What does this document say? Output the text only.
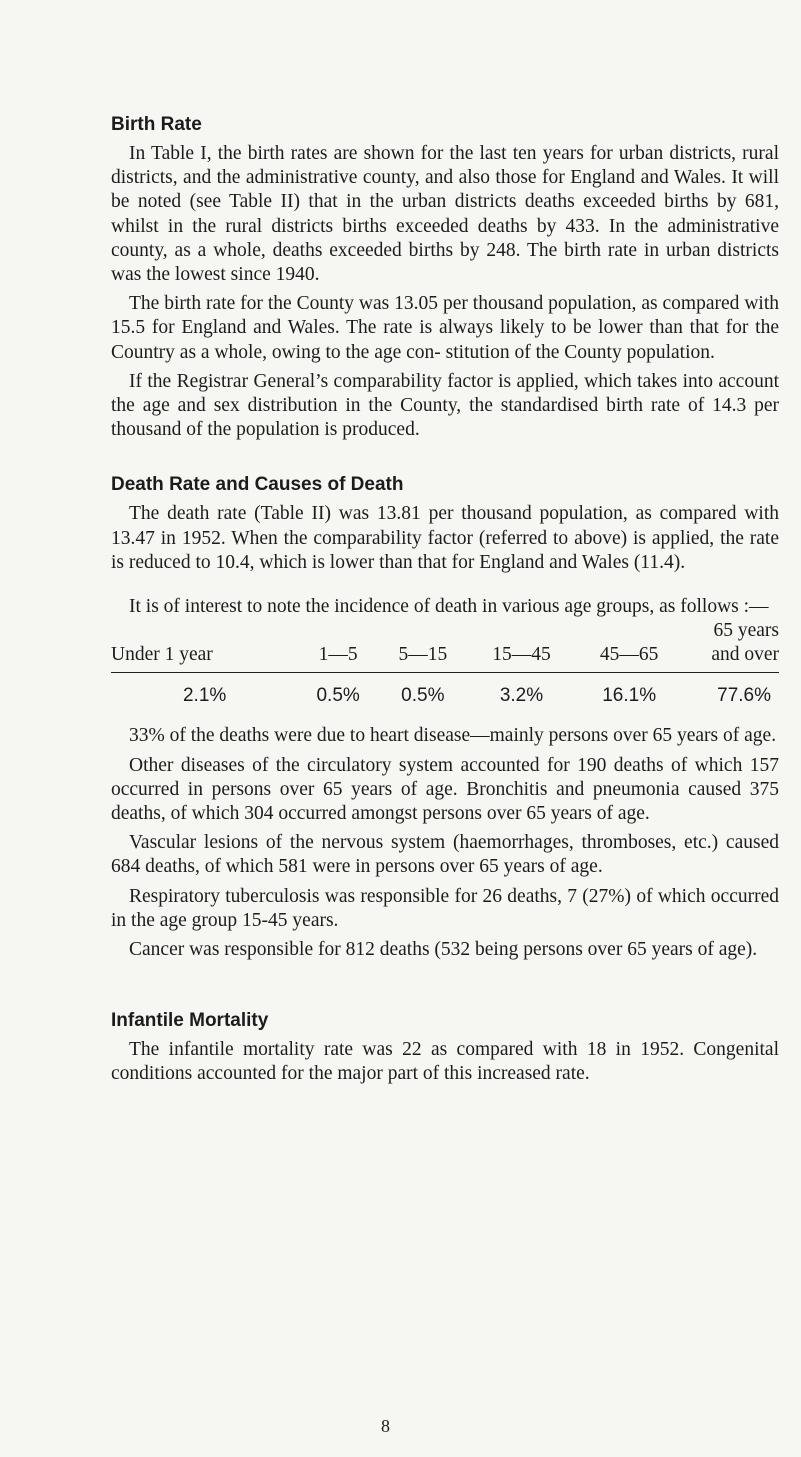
Birth Rate

In Table I, the birth rates are shown for the last ten years for urban districts, rural districts, and the administrative county, and also those for England and Wales. It will be noted (see Table II) that in the urban districts deaths exceeded births by 681, whilst in the rural districts births exceeded deaths by 433. In the administrative county, as a whole, deaths exceeded births by 248. The birth rate in urban districts was the lowest since 1940.

The birth rate for the County was 13.05 per thousand population, as compared with 15.5 for England and Wales. The rate is always likely to be lower than that for the Country as a whole, owing to the age con- stitution of the County population.

If the Registrar General’s comparability factor is applied, which takes into account the age and sex distribution in the County, the standardised birth rate of 14.3 per thousand of the population is produced.

Death Rate and Causes of Death

The death rate (Table II) was 13.81 per thousand population, as compared with 13.47 in 1952. When the comparability factor (referred to above) is applied, the rate is reduced to 10.4, which is lower than that for England and Wales (11.4).

It is of interest to note the incidence of death in various age groups, as follows :—

Under 1 year	1—5	5—15	15—45	45—65	65 years and over
2.1%	0.5%	0.5%	3.2%	16.1%	77.6%

33% of the deaths were due to heart disease—mainly persons over 65 years of age.

Other diseases of the circulatory system accounted for 190 deaths of which 157 occurred in persons over 65 years of age. Bronchitis and pneumonia caused 375 deaths, of which 304 occurred amongst persons over 65 years of age.

Vascular lesions of the nervous system (haemorrhages, thromboses, etc.) caused 684 deaths, of which 581 were in persons over 65 years of age.

Respiratory tuberculosis was responsible for 26 deaths, 7 (27%) of which occurred in the age group 15-45 years.

Cancer was responsible for 812 deaths (532 being persons over 65 years of age).

Infantile Mortality

The infantile mortality rate was 22 as compared with 18 in 1952. Congenital conditions accounted for the major part of this increased rate.

8
